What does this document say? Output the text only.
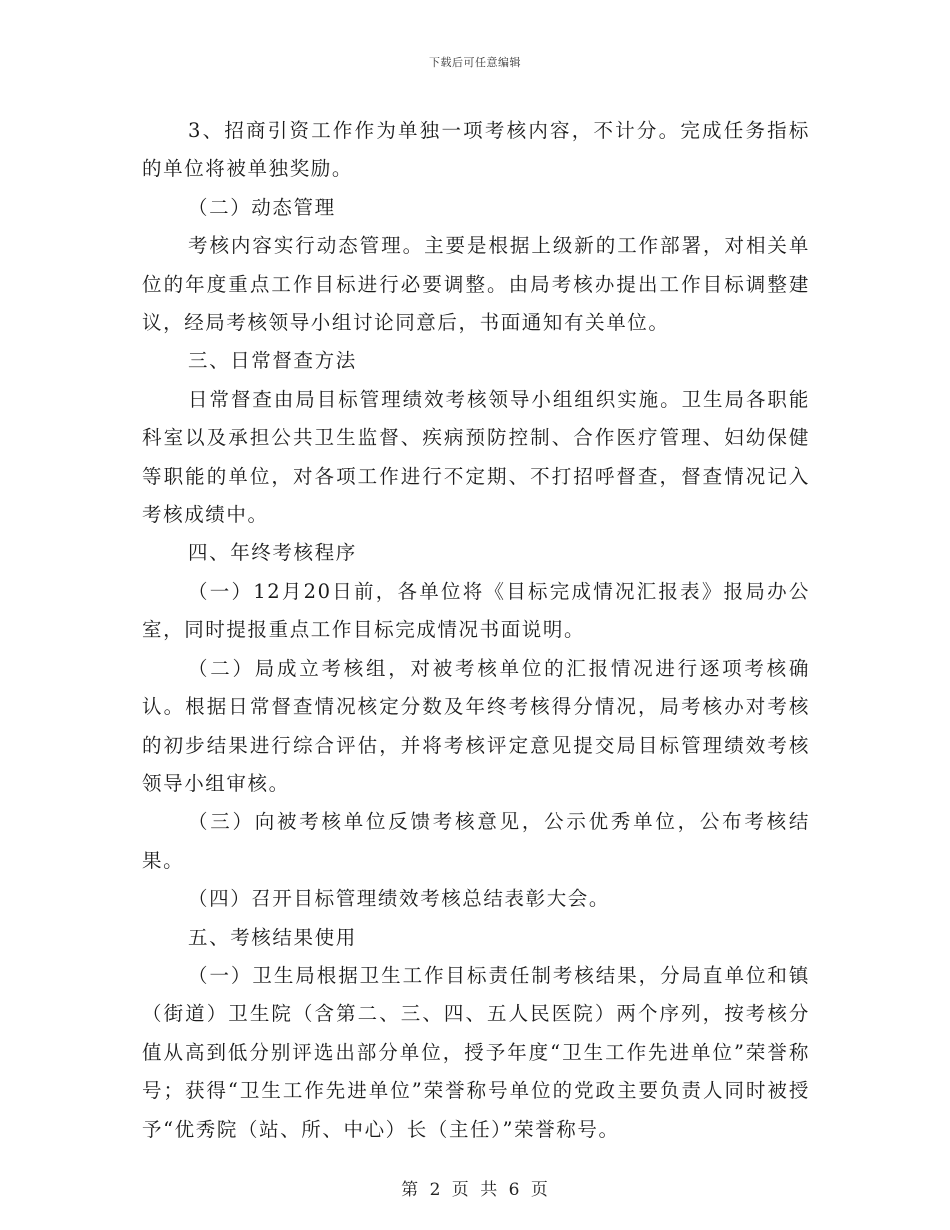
下载后可任意编辑

3、招商引资工作作为单独一项考核内容，不计分。完成任务指标的单位将被单独奖励。

（二）动态管理

考核内容实行动态管理。主要是根据上级新的工作部署，对相关单位的年度重点工作目标进行必要调整。由局考核办提出工作目标调整建议，经局考核领导小组讨论同意后，书面通知有关单位。

三、日常督查方法

日常督查由局目标管理绩效考核领导小组组织实施。卫生局各职能科室以及承担公共卫生监督、疾病预防控制、合作医疗管理、妇幼保健等职能的单位，对各项工作进行不定期、不打招呼督查，督查情况记入考核成绩中。

四、年终考核程序

（一）12月20日前，各单位将《目标完成情况汇报表》报局办公室，同时提报重点工作目标完成情况书面说明。

（二）局成立考核组，对被考核单位的汇报情况进行逐项考核确认。根据日常督查情况核定分数及年终考核得分情况，局考核办对考核的初步结果进行综合评估，并将考核评定意见提交局目标管理绩效考核领导小组审核。

（三）向被考核单位反馈考核意见，公示优秀单位，公布考核结果。

（四）召开目标管理绩效考核总结表彰大会。

五、考核结果使用

（一）卫生局根据卫生工作目标责任制考核结果，分局直单位和镇（街道）卫生院（含第二、三、四、五人民医院）两个序列，按考核分值从高到低分别评选出部分单位，授予年度“卫生工作先进单位”荣誉称号；获得“卫生工作先进单位”荣誉称号单位的党政主要负责人同时被授予“优秀院（站、所、中心）长（主任）”荣誉称号。

第 2 页 共 6 页
